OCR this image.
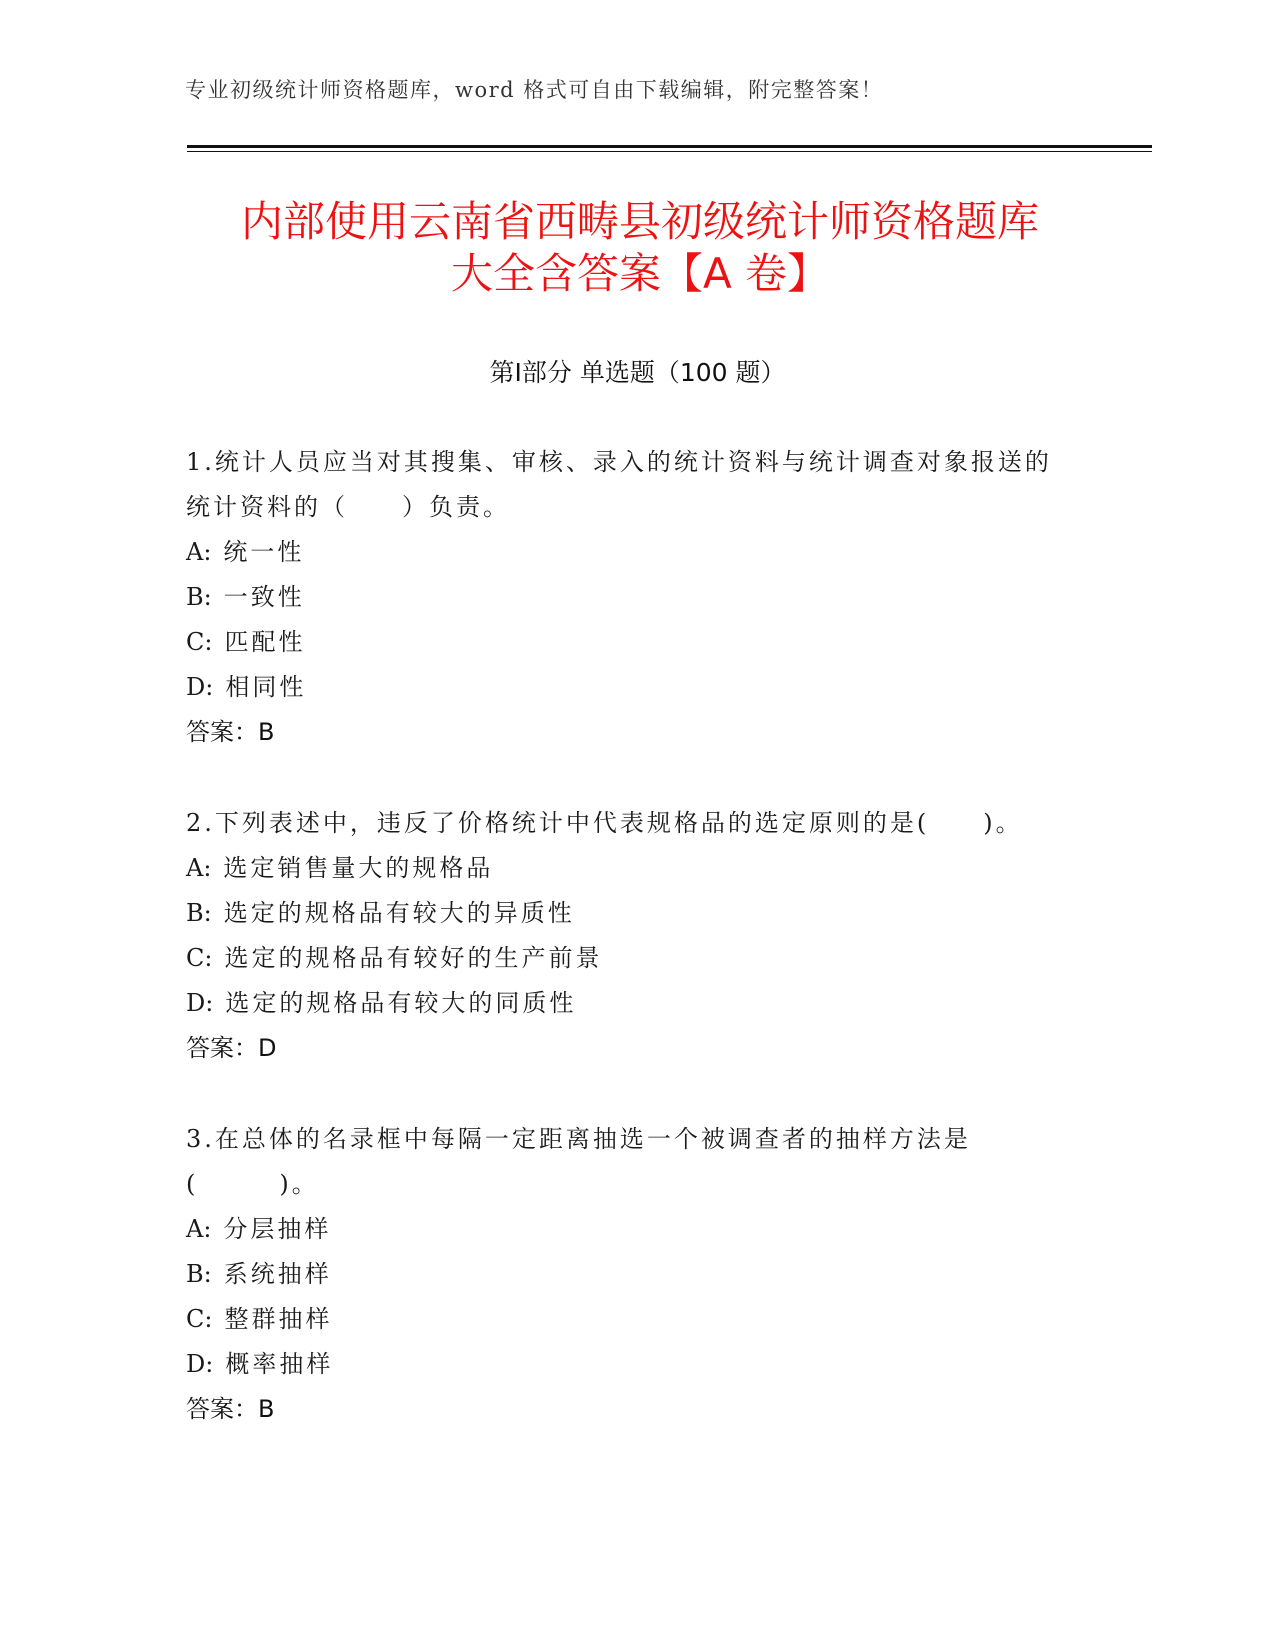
专业初级统计师资格题库，word 格式可自由下载编辑，附完整答案！
内部使用云南省西畴县初级统计师资格题库
大全含答案【A 卷】
第Ⅰ部分 单选题（100 题）
1.统计人员应当对其搜集、审核、录入的统计资料与统计调查对象报送的统计资料的（　　）负责。
A: 统一性
B: 一致性
C: 匹配性
D: 相同性
答案：B
2.下列表述中，违反了价格统计中代表规格品的选定原则的是(　　)。
A: 选定销售量大的规格品
B: 选定的规格品有较大的异质性
C: 选定的规格品有较好的生产前景
D: 选定的规格品有较大的同质性
答案：D
3.在总体的名录框中每隔一定距离抽选一个被调查者的抽样方法是(　　　)。
A: 分层抽样
B: 系统抽样
C: 整群抽样
D: 概率抽样
答案：B
